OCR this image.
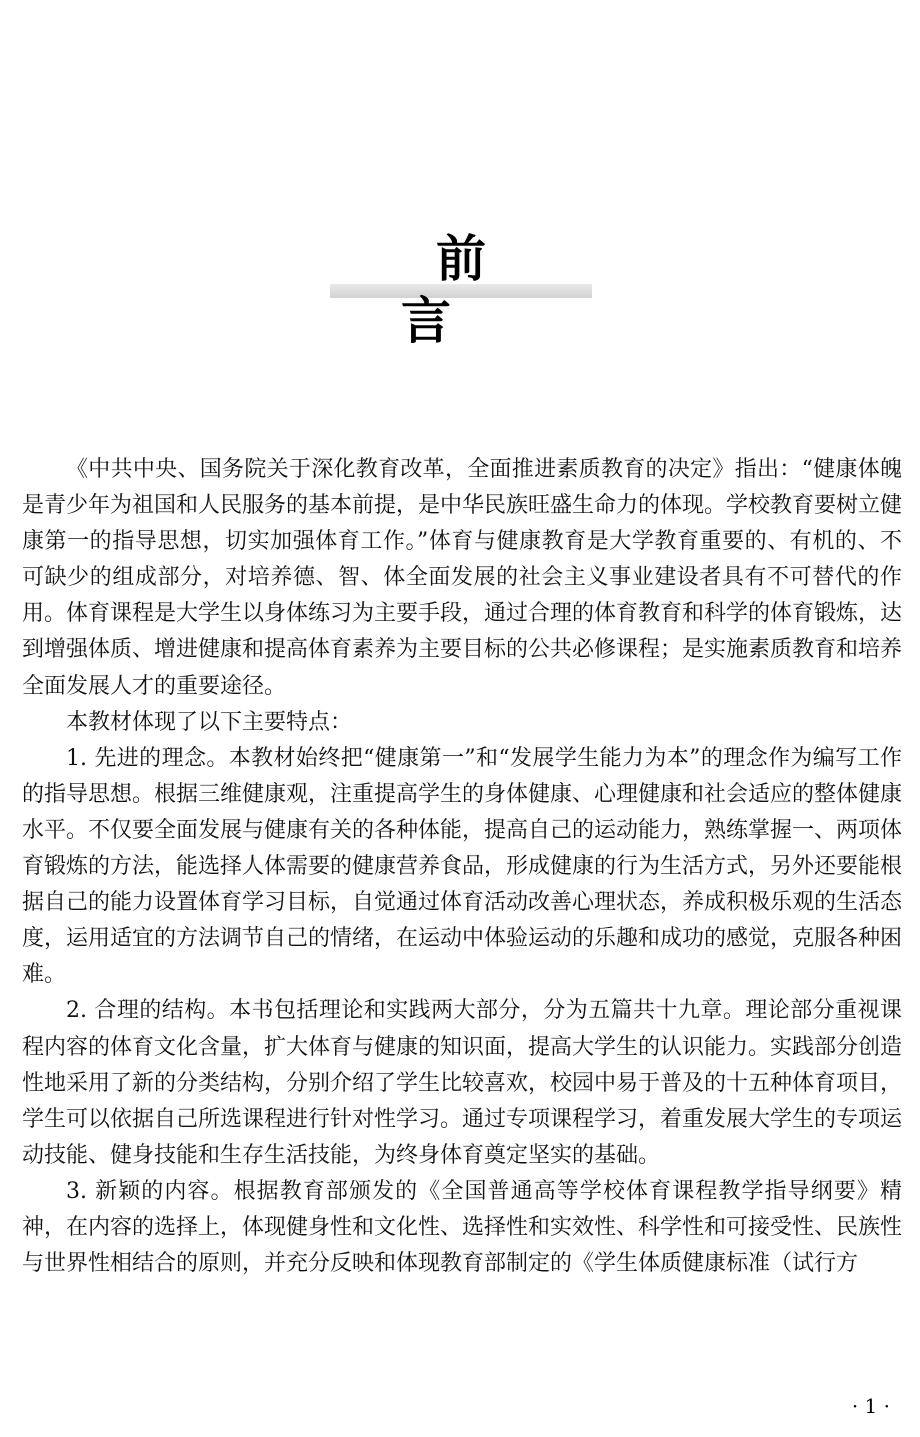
前　言

《中共中央、国务院关于深化教育改革，全面推进素质教育的决定》指出：“健康体魄是青少年为祖国和人民服务的基本前提，是中华民族旺盛生命力的体现。学校教育要树立健康第一的指导思想，切实加强体育工作。”体育与健康教育是大学教育重要的、有机的、不可缺少的组成部分，对培养德、智、体全面发展的社会主义事业建设者具有不可替代的作用。体育课程是大学生以身体练习为主要手段，通过合理的体育教育和科学的体育锻炼，达到增强体质、增进健康和提高体育素养为主要目标的公共必修课程；是实施素质教育和培养全面发展人才的重要途径。

本教材体现了以下主要特点：

1. 先进的理念。本教材始终把“健康第一”和“发展学生能力为本”的理念作为编写工作的指导思想。根据三维健康观，注重提高学生的身体健康、心理健康和社会适应的整体健康水平。不仅要全面发展与健康有关的各种体能，提高自己的运动能力，熟练掌握一、两项体育锻炼的方法，能选择人体需要的健康营养食品，形成健康的行为生活方式，另外还要能根据自己的能力设置体育学习目标，自觉通过体育活动改善心理状态，养成积极乐观的生活态度，运用适宜的方法调节自己的情绪，在运动中体验运动的乐趣和成功的感觉，克服各种困难。

2. 合理的结构。本书包括理论和实践两大部分，分为五篇共十九章。理论部分重视课程内容的体育文化含量，扩大体育与健康的知识面，提高大学生的认识能力。实践部分创造性地采用了新的分类结构，分别介绍了学生比较喜欢，校园中易于普及的十五种体育项目，学生可以依据自己所选课程进行针对性学习。通过专项课程学习，着重发展大学生的专项运动技能、健身技能和生存生活技能，为终身体育奠定坚实的基础。

3. 新颖的内容。根据教育部颁发的《全国普通高等学校体育课程教学指导纲要》精神，在内容的选择上，体现健身性和文化性、选择性和实效性、科学性和可接受性、民族性与世界性相结合的原则，并充分反映和体现教育部制定的《学生体质健康标准（试行方

· 1 ·
